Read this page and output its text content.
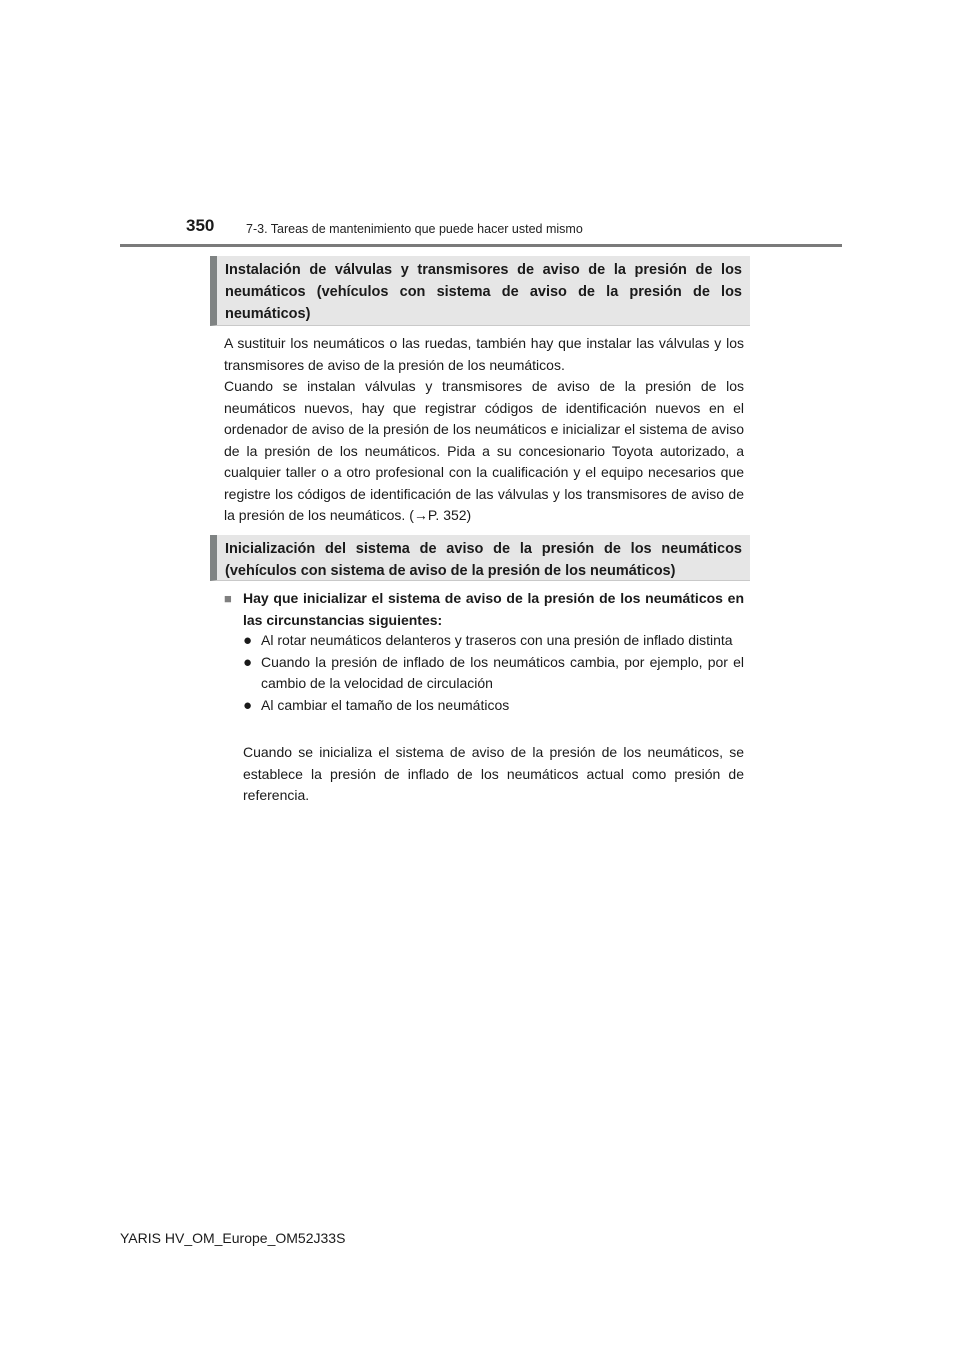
350	7-3. Tareas de mantenimiento que puede hacer usted mismo
Instalación de válvulas y transmisores de aviso de la presión de los neumáticos (vehículos con sistema de aviso de la presión de los neumáticos)

A sustituir los neumáticos o las ruedas, también hay que instalar las válvulas y los transmisores de aviso de la presión de los neumáticos.

Cuando se instalan válvulas y transmisores de aviso de la presión de los neumáticos nuevos, hay que registrar códigos de identificación nuevos en el ordenador de aviso de la presión de los neumáticos e inicializar el sistema de aviso de la presión de los neumáticos. Pida a su concesionario Toyota autorizado, a cualquier taller o a otro profesional con la cualificación y el equipo necesarios que registre los códigos de identificación de las válvulas y los transmisores de aviso de la presión de los neumáticos. (→P. 352)

Inicialización del sistema de aviso de la presión de los neumáticos (vehículos con sistema de aviso de la presión de los neumáticos)
■ Hay que inicializar el sistema de aviso de la presión de los neumáticos en las circunstancias siguientes:
● Al rotar neumáticos delanteros y traseros con una presión de inflado distinta
● Cuando la presión de inflado de los neumáticos cambia, por ejemplo, por el cambio de la velocidad de circulación
● Al cambiar el tamaño de los neumáticos

Cuando se inicializa el sistema de aviso de la presión de los neumáticos, se establece la presión de inflado de los neumáticos actual como presión de referencia.

YARIS HV_OM_Europe_OM52J33S
